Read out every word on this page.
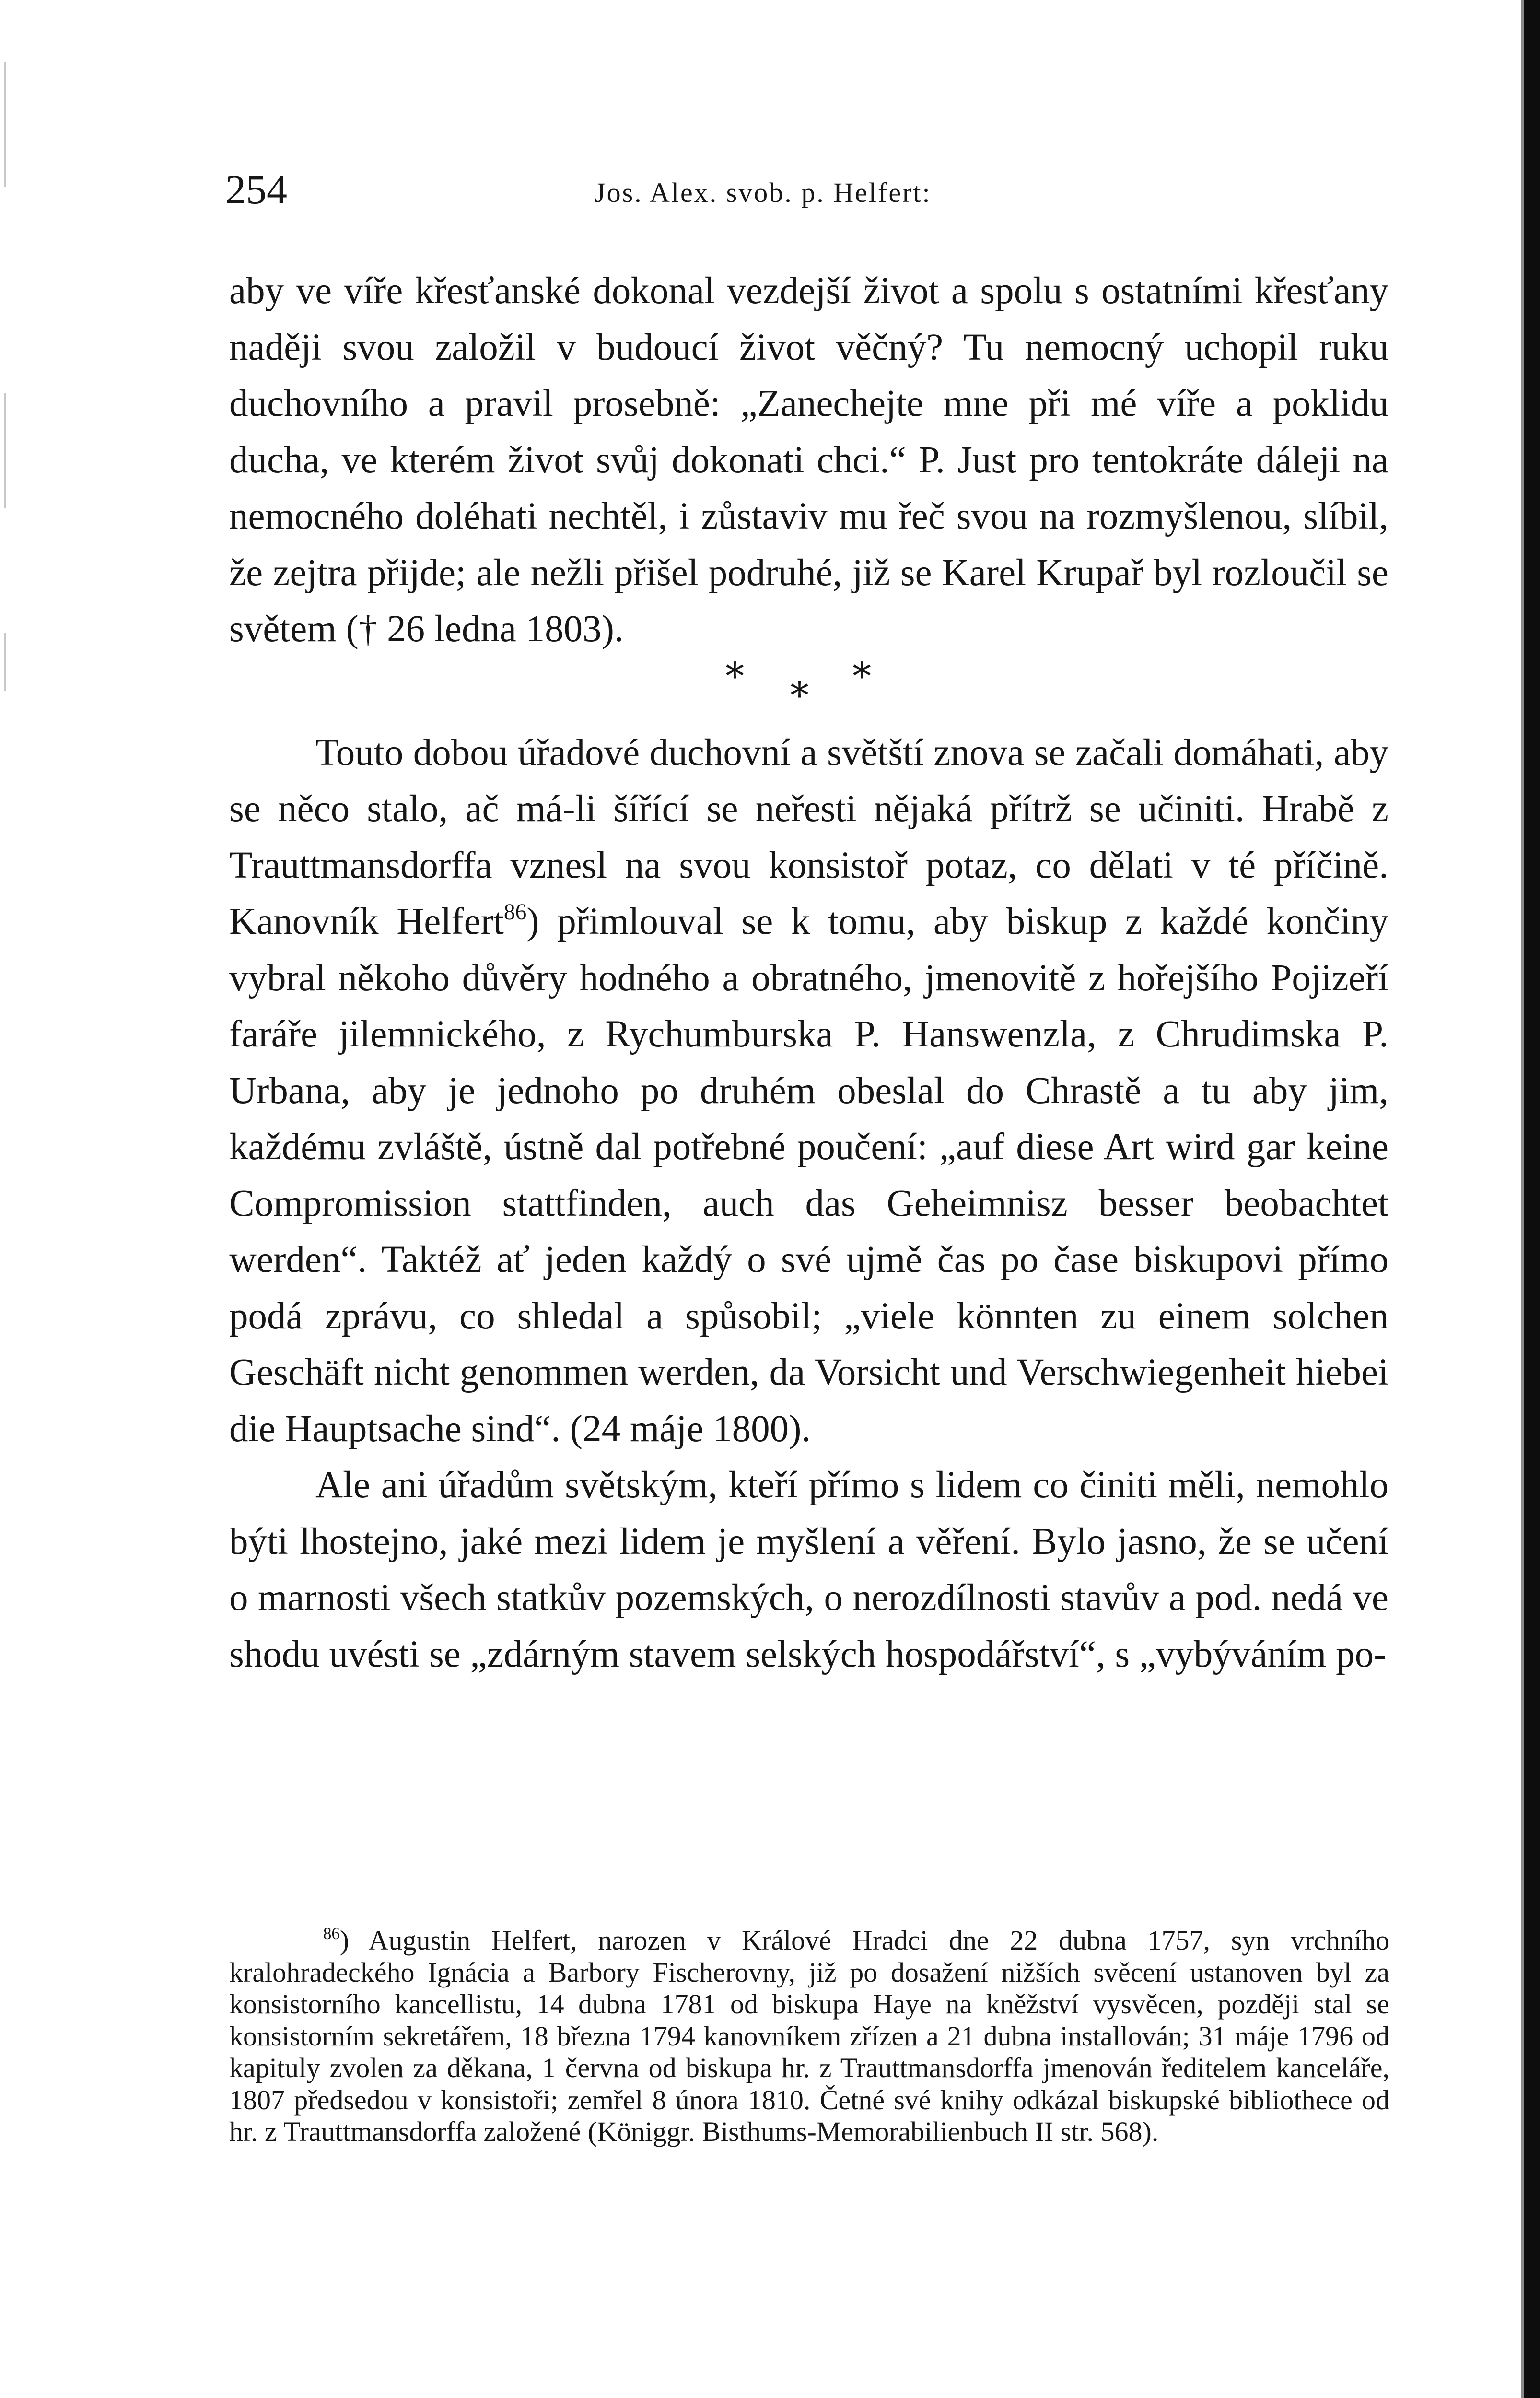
254	Jos. Alex. svob. p. Helfert:

aby ve víře křesťanské dokonal vezdejší život a spolu s ostatními křesťany naději svou založil v budoucí život věčný? Tu nemocný uchopil ruku duchovního a pravil prosebně: „Zanechejte mne při mé víře a poklidu ducha, ve kterém život svůj dokonati chci.“ P. Just pro tentokráte dáleji na nemocného doléhati nechtěl, i zůstaviv mu řeč svou na rozmyšlenou, slíbil, že zejtra přijde; ale nežli přišel podruhé, již se Karel Krupař byl rozloučil se světem († 26 ledna 1803).

* * *

Touto dobou úřadové duchovní a světští znova se začali domáhati, aby se něco stalo, ač má-li šířící se neřesti nějaká přítrž se učiniti. Hrabě z Trauttmansdorffa vznesl na svou konsistoř potaz, co dělati v té příčině. Kanovník Helfert$^{86}$) přimlouval se k tomu, aby biskup z každé končiny vybral někoho důvěry hodného a obratného, jmenovitě z hořejšího Pojizeří faráře jilemnického, z Rychumburska P. Hanswenzla, z Chrudimska P. Urbana, aby je jednoho po druhém obeslal do Chrastě a tu aby jim, každému zvláště, ústně dal potřebné poučení: „auf diese Art wird gar keine Compromission stattfinden, auch das Geheimnisz besser beobachtet werden“. Taktéž ať jeden každý o své ujmě čas po čase biskupovi přímo podá zprávu, co shledal a spůsobil; „viele könnten zu einem solchen Geschäft nicht genommen werden, da Vorsicht und Verschwiegenheit hiebei die Hauptsache sind“. (24 máje 1800).

Ale ani úřadům světským, kteří přímo s lidem co činiti měli, nemohlo býti lhostejno, jaké mezi lidem je myšlení a věření. Bylo jasno, že se učení o marnosti všech statkův pozemských, o nerozdílnosti stavův a pod. nedá ve shodu uvésti se „zdárným stavem selských hospodářství“, s „vybýváním po-

$^{86}$) Augustin Helfert, narozen v Králové Hradci dne 22 dubna 1757, syn vrchního kralohradeckého Ignácia a Barbory Fischerovny, již po dosažení nižších svěcení ustanoven byl za konsistorního kancellistu, 14 dubna 1781 od biskupa Haye na kněžství vysvěcen, později stal se konsistorním sekretářem, 18 března 1794 kanovníkem zřízen a 21 dubna installován; 31 máje 1796 od kapituly zvolen za děkana, 1 června od biskupa hr. z Trauttmansdorffa jmenován ředitelem kanceláře, 1807 předsedou v konsistoři; zemřel 8 února 1810. Četné své knihy odkázal biskupské bibliothece od hr. z Trauttmansdorffa založené (Königgr. Bisthums-Memorabilienbuch II str. 568).
